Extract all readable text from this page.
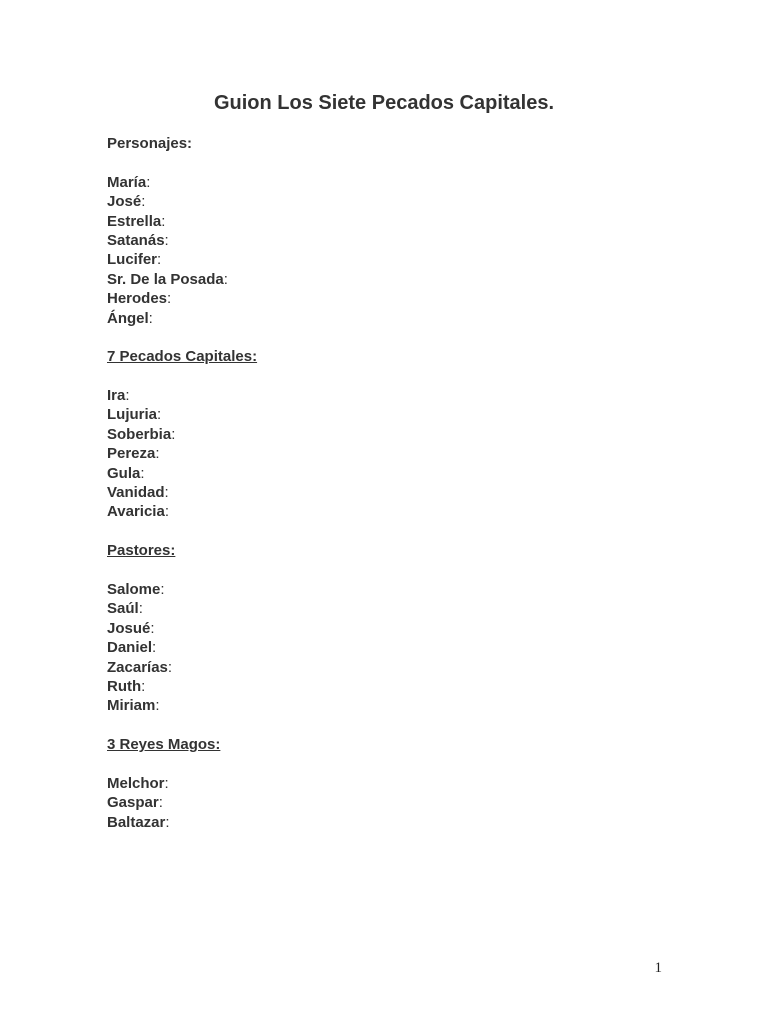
Guion Los Siete Pecados Capitales.
Personajes:
María:
José:
Estrella:
Satanás:
Lucifer:
Sr. De la Posada:
Herodes:
Ángel:
7 Pecados Capitales:
Ira:
Lujuria:
Soberbia:
Pereza:
Gula:
Vanidad:
Avaricia:
Pastores:
Salome:
Saúl:
Josué:
Daniel:
Zacarías:
Ruth:
Miriam:
3 Reyes Magos:
Melchor:
Gaspar:
Baltazar:
1
